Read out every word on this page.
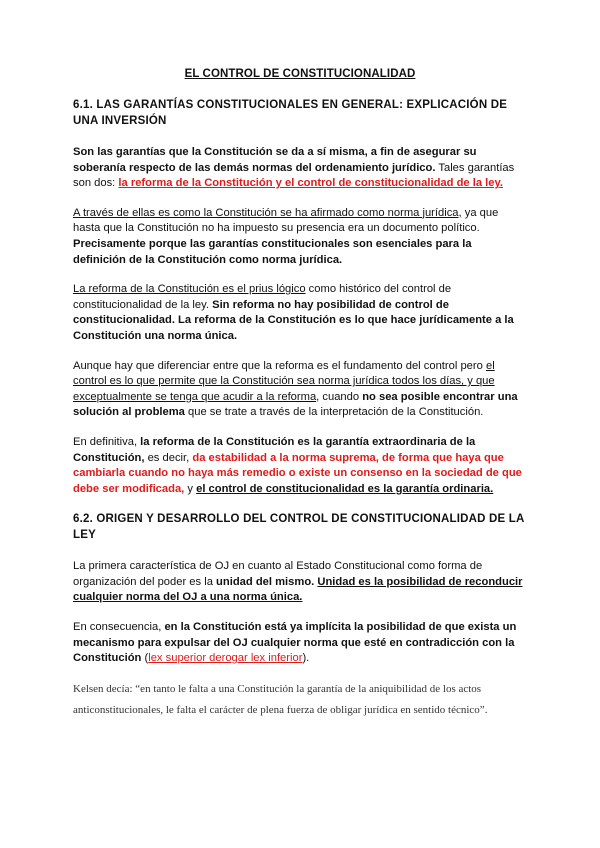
EL CONTROL DE CONSTITUCIONALIDAD
6.1. LAS GARANTÍAS CONSTITUCIONALES EN GENERAL: EXPLICACIÓN DE UNA INVERSIÓN

Son las garantías que la Constitución se da a sí misma, a fin de asegurar su soberanía respecto de las demás normas del ordenamiento jurídico. Tales garantías son dos: la reforma de la Constitución y el control de constitucionalidad de la ley.

A través de ellas es como la Constitución se ha afirmado como norma jurídica, ya que hasta que la Constitución no ha impuesto su presencia era un documento político. Precisamente porque las garantías constitucionales son esenciales para la definición de la Constitución como norma jurídica.

La reforma de la Constitución es el prius lógico como histórico del control de constitucionalidad de la ley. Sin reforma no hay posibilidad de control de constitucionalidad. La reforma de la Constitución es lo que hace jurídicamente a la Constitución una norma única.

Aunque hay que diferenciar entre que la reforma es el fundamento del control pero el control es lo que permite que la Constitución sea norma jurídica todos los días, y que exceptualmente se tenga que acudir a la reforma, cuando no sea posible encontrar una solución al problema que se trate a través de la interpretación de la Constitución.

En definitiva, la reforma de la Constitución es la garantía extraordinaria de la Constitución, es decir, da estabilidad a la norma suprema, de forma que haya que cambiarla cuando no haya más remedio o existe un consenso en la sociedad de que debe ser modificada, y el control de constitucionalidad es la garantía ordinaria.

6.2. ORIGEN Y DESARROLLO DEL CONTROL DE CONSTITUCIONALIDAD DE LA LEY

La primera característica de OJ en cuanto al Estado Constitucional como forma de organización del poder es la unidad del mismo. Unidad es la posibilidad de reconducir cualquier norma del OJ a una norma única.

En consecuencia, en la Constitución está ya implícita la posibilidad de que exista un mecanismo para expulsar del OJ cualquier norma que esté en contradicción con la Constitución (lex superior derogar lex inferior).

Kelsen decía: “en tanto le falta a una Constitución la garantía de la aniquibilidad de los actos anticonstitucionales, le falta el carácter de plena fuerza de obligar jurídica en sentido técnico”.
